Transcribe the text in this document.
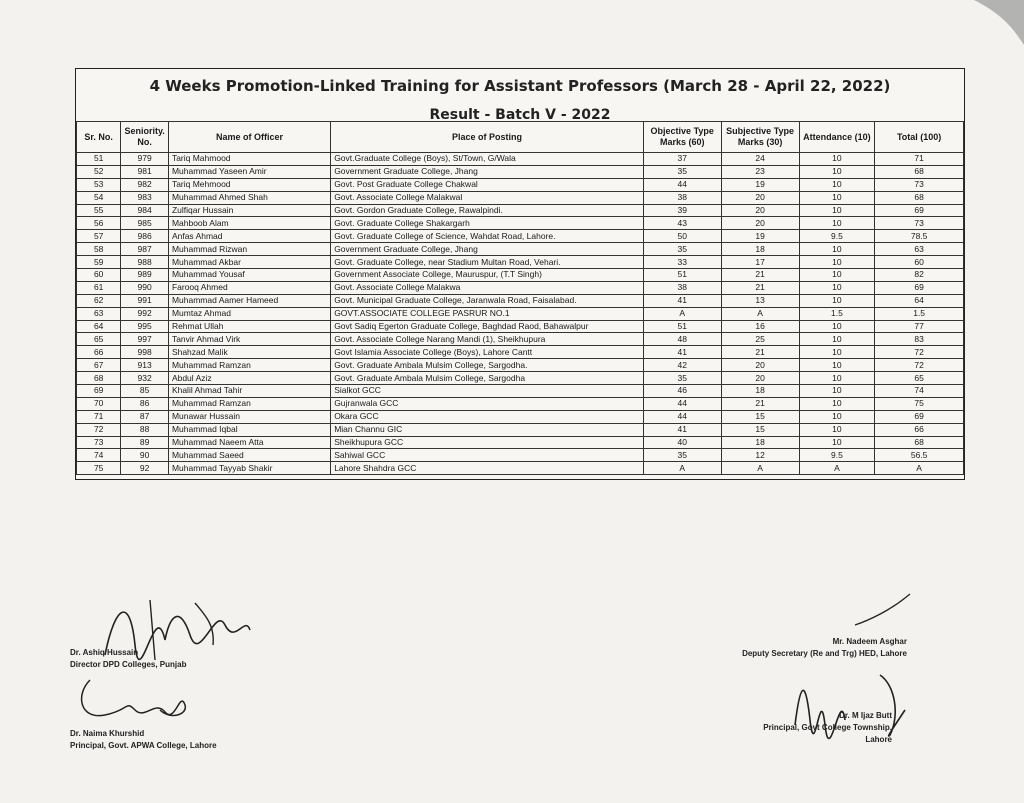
4 Weeks Promotion-Linked Training for Assistant Professors (March 28 - April 22, 2022)
Result - Batch V - 2022
Sr. No.	Seniority. No.	Name of Officer	Place of Posting	Objective Type Marks (60)	Subjective Type Marks (30)	Attendance (10)	Total (100)
51	979	Tariq Mahmood	Govt.Graduate College (Boys), St/Town, G/Wala	37	24	10	71
52	981	Muhammad Yaseen Amir	Government Graduate College, Jhang	35	23	10	68
53	982	Tariq Mehmood	Govt. Post Graduate College Chakwal	44	19	10	73
54	983	Muhammad Ahmed Shah	Govt. Associate College Malakwal	38	20	10	68
55	984	Zulfiqar Hussain	Govt. Gordon Graduate College, Rawalpindi.	39	20	10	69
56	985	Mahboob Alam	Govt. Graduate College Shakargarh	43	20	10	73
57	986	Anfas Ahmad	Govt. Graduate College of Science, Wahdat Road, Lahore.	50	19	9.5	78.5
58	987	Muhammad Rizwan	Government Graduate College, Jhang	35	18	10	63
59	988	Muhammad Akbar	Govt. Graduate College, near Stadium Multan Road, Vehari.	33	17	10	60
60	989	Muhammad Yousaf	Government Associate College, Mauruspur, (T.T Singh)	51	21	10	82
61	990	Farooq Ahmed	Govt. Associate College Malakwa	38	21	10	69
62	991	Muhammad Aamer Hameed	Govt. Municipal Graduate College, Jaranwala Road, Faisalabad.	41	13	10	64
63	992	Mumtaz Ahmad	GOVT.ASSOCIATE COLLEGE PASRUR NO.1	A	A	1.5	1.5
64	995	Rehmat Ullah	Govt Sadiq Egerton Graduate College, Baghdad Raod, Bahawalpur	51	16	10	77
65	997	Tanvir Ahmad Virk	Govt. Associate College Narang Mandi (1), Sheikhupura	48	25	10	83
66	998	Shahzad Malik	Govt Islamia Associate College (Boys), Lahore Cantt	41	21	10	72
67	913	Muhammad Ramzan	Govt. Graduate Ambala Mulsim College, Sargodha.	42	20	10	72
68	932	Abdul Aziz	Govt. Graduate Ambala Mulsim College, Sargodha	35	20	10	65
69	85	Khalil Ahmad Tahir	Sialkot GCC	46	18	10	74
70	86	Muhammad Ramzan	Gujranwala GCC	44	21	10	75
71	87	Munawar Hussain	Okara GCC	44	15	10	69
72	88	Muhammad Iqbal	Mian Channu GIC	41	15	10	66
73	89	Muhammad Naeem Atta	Sheikhupura GCC	40	18	10	68
74	90	Muhammad Saeed	Sahiwal GCC	35	12	9.5	56.5
75	92	Muhammad Tayyab Shakir	Lahore Shahdra GCC	A	A	A	A
Dr. Ashiq Hussain
Director DPD Colleges, Punjab
Dr. Naima Khurshid
Principal, Govt. APWA College, Lahore
Mr. Nadeem Asghar
Deputy Secretary (Re and Trg) HED, Lahore
Dr. M Ijaz Butt
Principal, Govt College Township, Lahore
